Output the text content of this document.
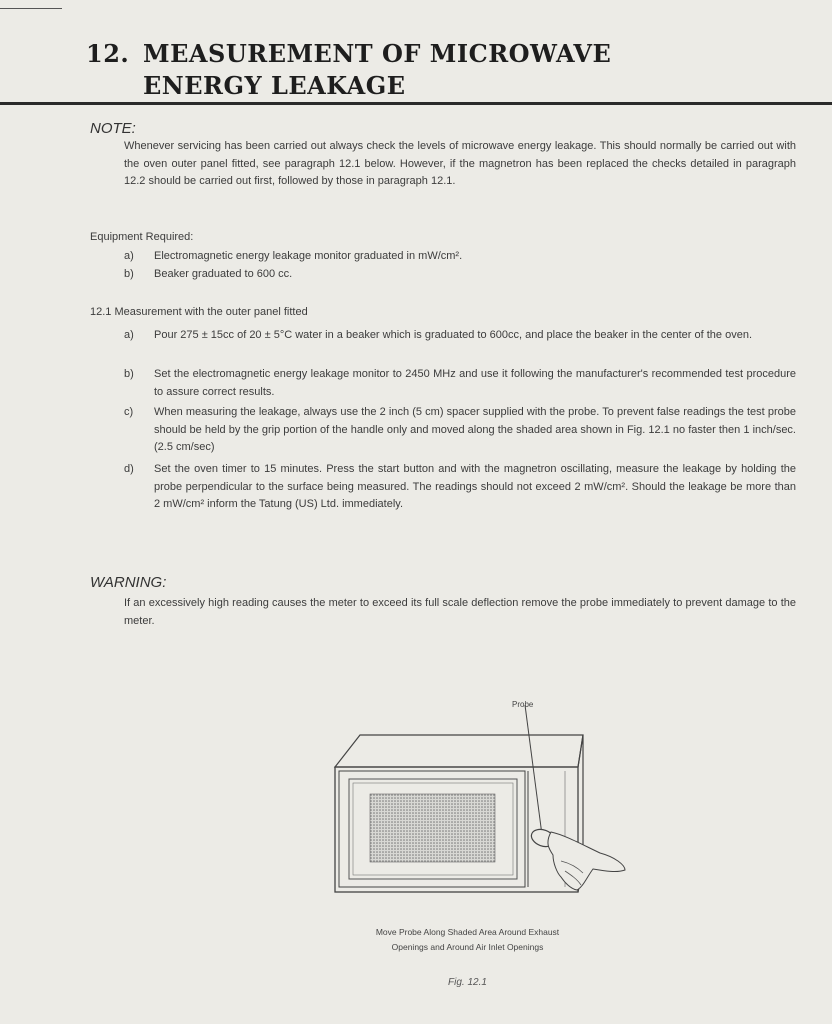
12. MEASUREMENT OF MICROWAVE
ENERGY LEAKAGE
NOTE:
Whenever servicing has been carried out always check the levels of microwave energy leakage. This should normally be carried out with the oven outer panel fitted, see paragraph 12.1 below. However, if the magnetron has been replaced the checks detailed in paragraph 12.2 should be carried out first, followed by those in paragraph 12.1.
Equipment Required:
a)	Electromagnetic energy leakage monitor graduated in mW/cm².
b)	Beaker graduated to 600 cc.
12.1 Measurement with the outer panel fitted
a)	Pour 275 ± 15cc of 20 ± 5°C water in a beaker which is graduated to 600cc, and place the beaker in the center of the oven.
b)	Set the electromagnetic energy leakage monitor to 2450 MHz and use it following the manufacturer's recommended test procedure to assure correct results.
c)	When measuring the leakage, always use the 2 inch (5 cm) spacer supplied with the probe. To prevent false readings the test probe should be held by the grip portion of the handle only and moved along the shaded area shown in Fig. 12.1 no faster then 1 inch/sec. (2.5 cm/sec)
d)	Set the oven timer to 15 minutes. Press the start button and with the magnetron oscillating, measure the leakage by holding the probe perpendicular to the surface being measured. The readings should not exceed 2 mW/cm². Should the leakage be more than 2 mW/cm² inform the Tatung (US) Ltd. immediately.
WARNING:
If an excessively high reading causes the meter to exceed its full scale deflection remove the probe immediately to prevent damage to the meter.
Probe
Move Probe Along Shaded Area Around Exhaust
Openings and Around Air Inlet Openings
Fig. 12.1
